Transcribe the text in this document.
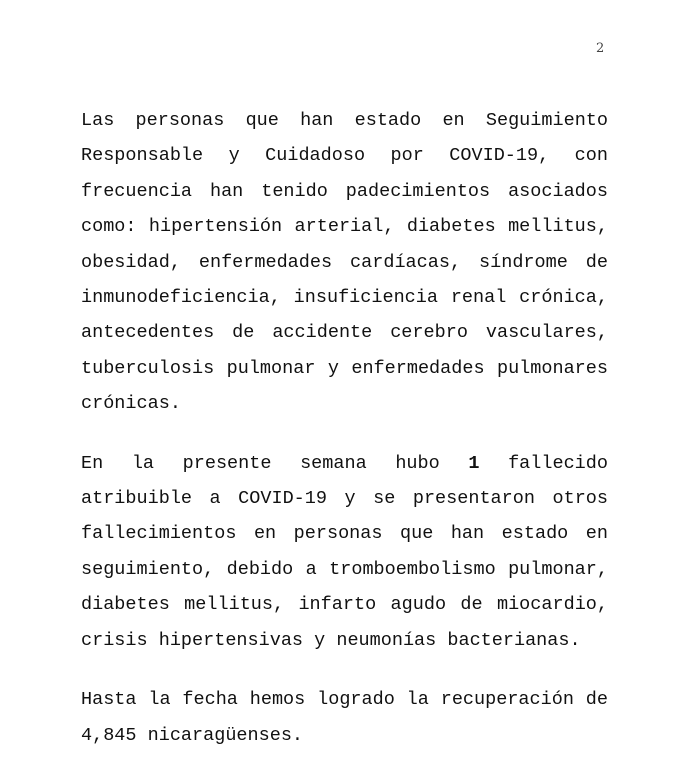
2

Las personas que han estado en Seguimiento Responsable y Cuidadoso por COVID-19, con frecuencia han tenido padecimientos asociados como: hipertensión arterial, diabetes mellitus, obesidad, enfermedades cardíacas, síndrome de inmunodeficiencia, insuficiencia renal crónica, antecedentes de accidente cerebro vasculares, tuberculosis pulmonar y enfermedades pulmonares crónicas.

En la presente semana hubo 1 fallecido atribuible a COVID-19 y se presentaron otros fallecimientos en personas que han estado en seguimiento, debido a tromboembolismo pulmonar, diabetes mellitus, infarto agudo de miocardio, crisis hipertensivas y neumonías bacterianas.

Hasta la fecha hemos logrado la recuperación de 4,845 nicaragüenses.
